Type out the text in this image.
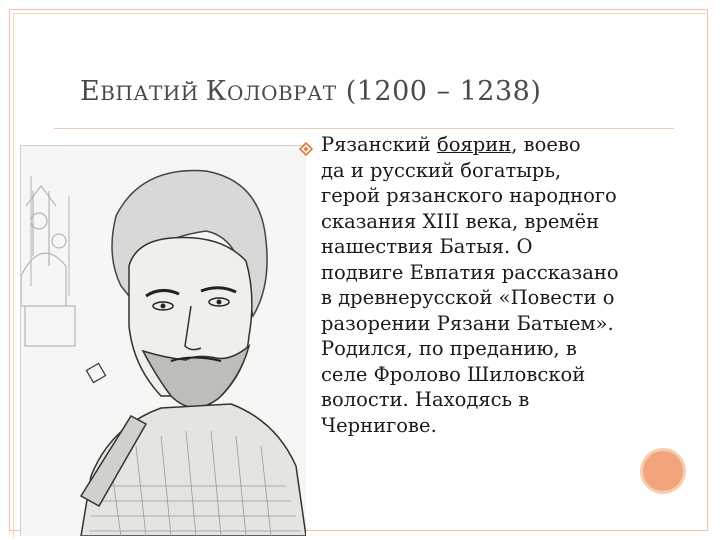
ЕВПАТИЙ КОЛОВРАТ (1200 – 1238)
Рязанский боярин, воево
да и русский богатырь, герой рязанского народного сказания XIII века, времён нашествия Батыя. О подвиге Евпатия рассказано в древнерусской «Повести о разорении Рязани Батыем». Родился, по преданию, в селе Фролово Шиловской волости. Находясь в Чернигове.
